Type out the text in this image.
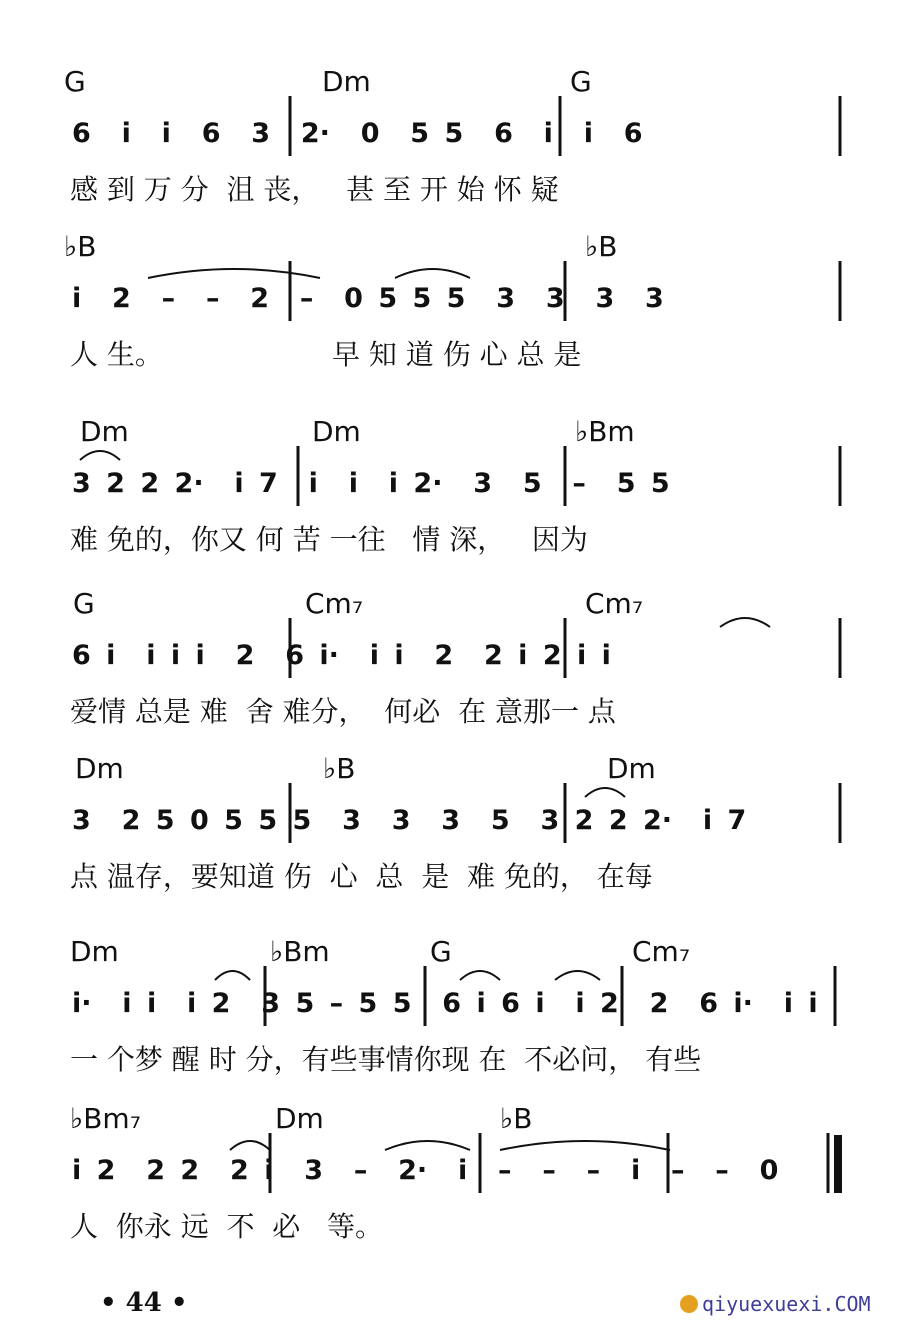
G	Dm	G
6  i  i  6  3  2·  0  5 5  6  i  i  6
感 到 万 分  沮 丧，   甚 至 开 始 怀 疑
♭B	♭B
i  2  –  –  2  –  0 5 5 5  3  3  3  3
人 生。                   早 知 道 伤 心 总 是
Dm	Dm	♭Bm
3 2 2 2·  i 7  i  i  i 2·  3  5  –  5 5
难 免的，你又 何 苦 一往   情 深，   因为
G	Cm₇	Cm₇
6 i  i i i  2  6 i·  i i  2  2 i 2 i i
爱情 总是 难  舍 难分，  何必  在 意那一 点
Dm	♭B	Dm
3  2 5 0 5 5 5  3  3  3  5  3 2 2 2·  i 7
点 温存，要知道 伤  心  总  是  难 免的， 在每
Dm	♭Bm	G	Cm₇
i·  i i  i 2  3 5 – 5 5  6 i 6 i  i 2  2  6 i·  i i
一 个梦 醒 时 分，有些事情你现 在  不必问， 有些
♭Bm₇	Dm	♭B
i 2  2 2  2 i  3  –  2·  i  –  –  –  i  –  –  0
人  你永 远  不  必   等。
• 44 •	qiyuexuexi.COM
